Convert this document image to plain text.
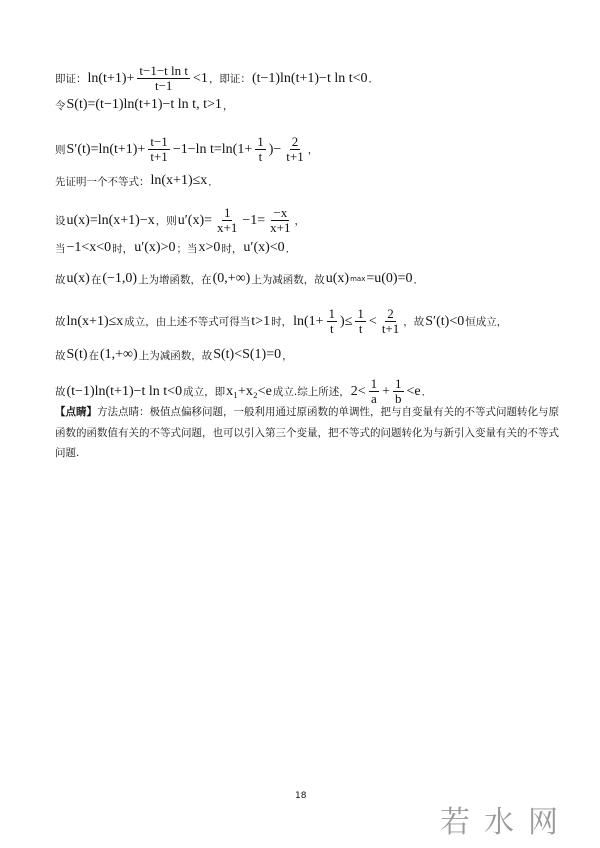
即证： $\ln(t+1)+ \frac{\text{t−1−t ln t}}{t-1} <1$ ，即证： (t−1)ln(t+1)−t ln t<0 ．
令 S(t)=(t−1)ln(t+1)−t ln t, t>1 ，
则 $S'(t)=\ln(t+1)+ \frac{t-1}{t+1} -1-\ln$ $t=\ln(1+ \frac{1}{t}$ )− $\frac{2}{t+1}$ ，
先证明一个不等式： ln(x+1)≤x ．
设 u(x)=ln(x+1)−x ，则 $u'(x)= \frac{1}{x+1} -1= \frac{-x}{x+1}$ ，
当 −1<x<0 时， u′(x)>0 ；当 x>0 时， u′(x)<0 ．
故 u(x) 在 (−1,0) 上为增函数，在 (0,+∞) 上为减函数，故 u(x) max =u(0)=0 ．
故 ln(x+1)≤x 成立，由上述不等式可得当 t>1 时， $\ln(1+ \frac{1}{t}$ )≤ $\frac{1}{t} < \frac{2}{t+1}$ ，故 S′(t)<0 恒成立，
故 S(t) 在 (1,+∞) 上为减函数，故 S(t)<S(1)=0 ，
故 (t−1)ln(t+1)−t ln t<0 成立，即 x₁+x₂<e 成立.综上所述， $2< \frac{1}{a} + \frac{1}{b} <e$ ．
【点睛】方法点睛：极值点偏移问题，一般利用通过原函数的单调性，把与自变量有关的不等式问题转化与原函数的函数值有关的不等式问题，也可以引入第三个变量，把不等式的问题转化为与新引入变量有关的不等式问题.
18
若水网
